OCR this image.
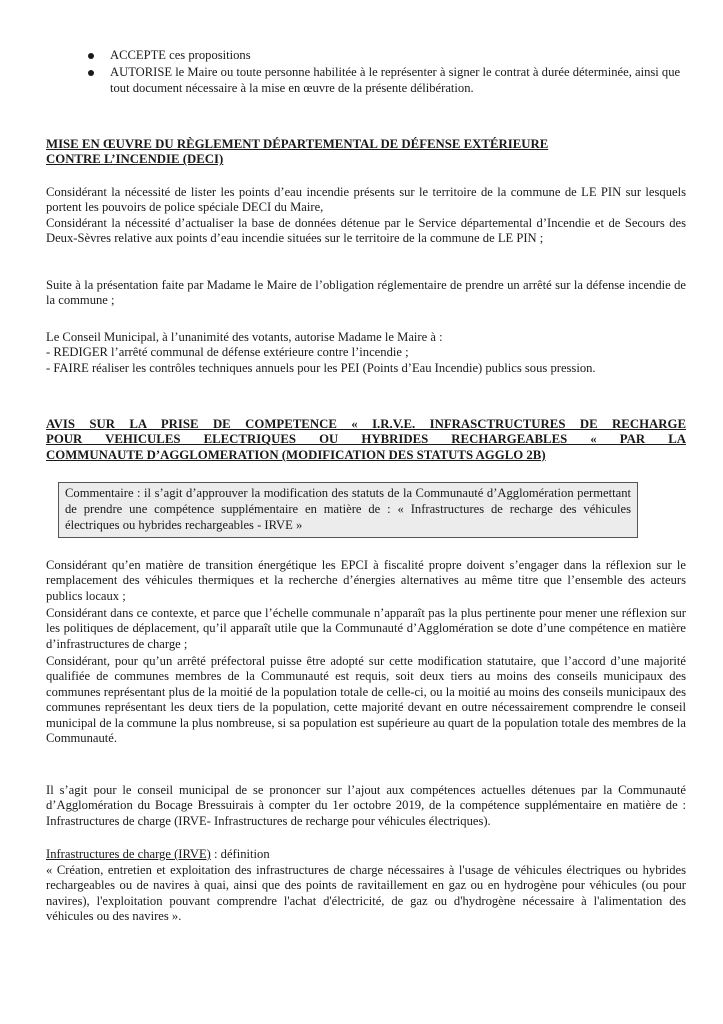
ACCEPTE ces propositions
AUTORISE le Maire ou toute personne habilitée à le représenter à signer le contrat à durée déterminée, ainsi que tout document nécessaire à la mise en œuvre de la présente délibération.
MISE EN ŒUVRE DU RÈGLEMENT DÉPARTEMENTAL DE DÉFENSE EXTÉRIEURE
CONTRE L’INCENDIE (DECI)

Considérant la nécessité de lister les points d’eau incendie présents sur le territoire de la commune de LE PIN sur lesquels portent les pouvoirs de police spéciale DECI du Maire,

Considérant la nécessité d’actualiser la base de données détenue par le Service départemental d’Incendie et de Secours des Deux-Sèvres relative aux points d’eau incendie situées sur le territoire de la commune de LE PIN ;

Suite à la présentation faite par Madame le Maire de l’obligation réglementaire de prendre un arrêté sur la défense incendie de la commune ;

Le Conseil Municipal, à l’unanimité des votants, autorise Madame le Maire à :
- REDIGER l’arrêté communal de défense extérieure contre l’incendie ;
- FAIRE réaliser les contrôles techniques annuels pour les PEI (Points d’Eau Incendie) publics sous pression.
AVIS SUR LA PRISE DE COMPETENCE « I.R.V.E. INFRASCTRUCTURES DE RECHARGE
POUR VEHICULES ELECTRIQUES OU HYBRIDES RECHARGEABLES « PAR LA
COMMUNAUTE D’AGGLOMERATION (MODIFICATION DES STATUTS AGGLO 2B)
Commentaire : il s’agit d’approuver la modification des statuts de la Communauté d’Agglomération permettant de prendre une compétence supplémentaire en matière de : « Infrastructures de recharge des véhicules électriques ou hybrides rechargeables - IRVE »

Considérant qu’en matière de transition énergétique les EPCI à fiscalité propre doivent s’engager dans la réflexion sur le remplacement des véhicules thermiques et la recherche d’énergies alternatives au même titre que l’ensemble des acteurs publics locaux ;

Considérant dans ce contexte, et parce que l’échelle communale n’apparaît pas la plus pertinente pour mener une réflexion sur les politiques de déplacement, qu’il apparaît utile que la Communauté d’Agglomération se dote d’une compétence en matière d’infrastructures de charge ;

Considérant, pour qu’un arrêté préfectoral puisse être adopté sur cette modification statutaire, que l’accord d’une majorité qualifiée de communes membres de la Communauté est requis, soit deux tiers au moins des conseils municipaux des communes représentant plus de la moitié de la population totale de celle-ci, ou la moitié au moins des conseils municipaux des communes représentant les deux tiers de la population, cette majorité devant en outre nécessairement comprendre le conseil municipal de la commune la plus nombreuse, si sa population est supérieure au quart de la population totale des membres de la Communauté.

Il s’agit pour le conseil municipal de se prononcer sur l’ajout aux compétences actuelles détenues par la Communauté d’Agglomération du Bocage Bressuirais à compter du 1er octobre 2019, de la compétence supplémentaire en matière de : Infrastructures de charge (IRVE- Infrastructures de recharge pour véhicules électriques).

Infrastructures de charge (IRVE) : définition

« Création, entretien et exploitation des infrastructures de charge nécessaires à l'usage de véhicules électriques ou hybrides rechargeables ou de navires à quai, ainsi que des points de ravitaillement en gaz ou en hydrogène pour véhicules (ou pour navires), l'exploitation pouvant comprendre l'achat d'électricité, de gaz ou d'hydrogène nécessaire à l'alimentation des véhicules ou des navires ».
